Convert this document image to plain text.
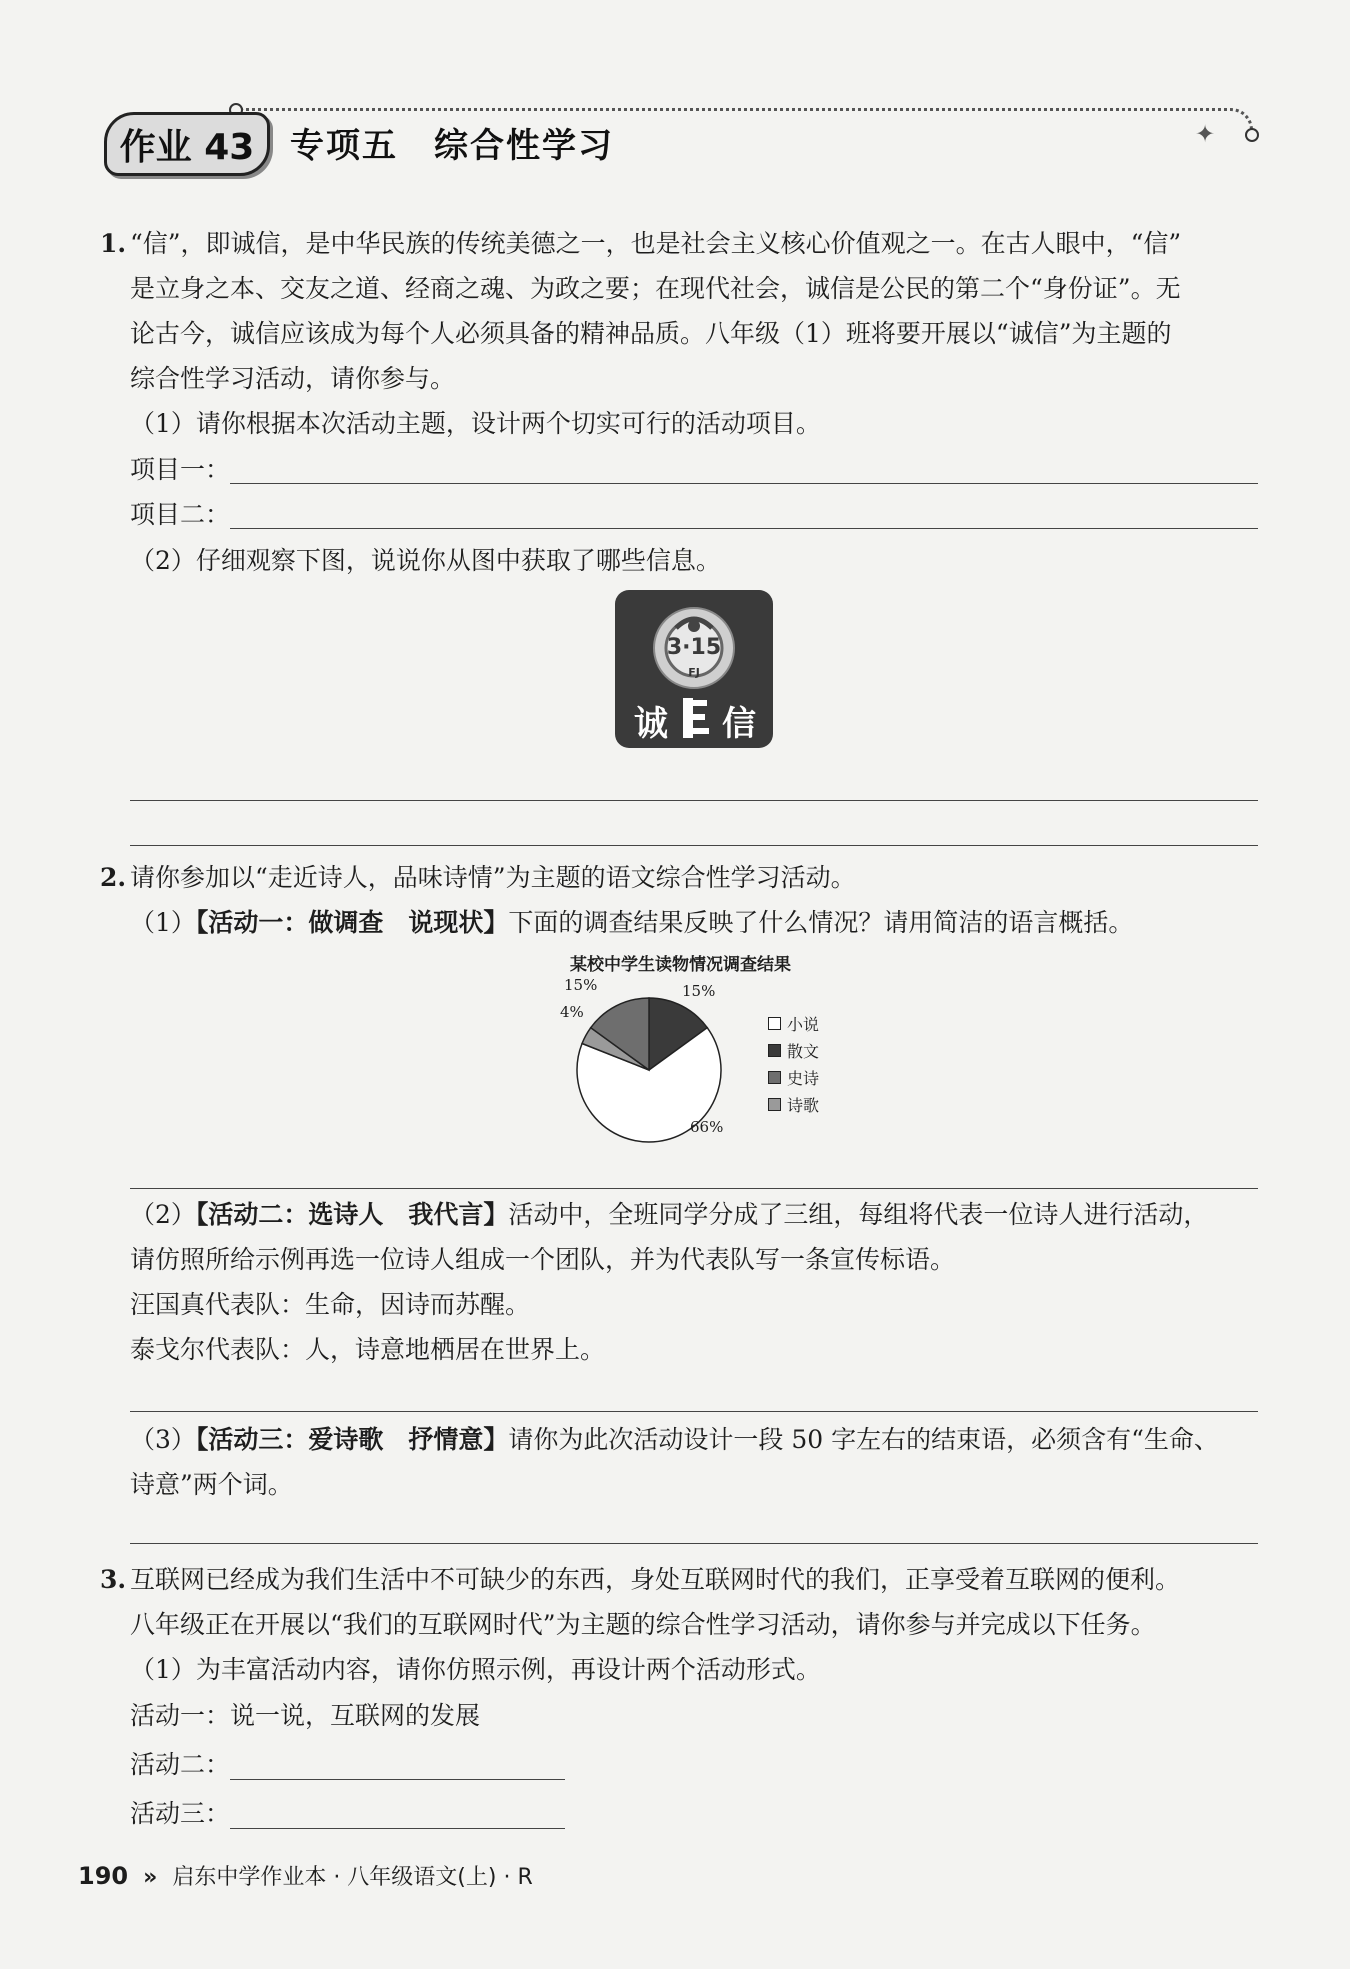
✦
作业 43	专项五　综合性学习
1. “信”，即诚信，是中华民族的传统美德之一，也是社会主义核心价值观之一。在古人眼中，“信”
是立身之本、交友之道、经商之魂、为政之要；在现代社会，诚信是公民的第二个“身份证”。无
论古今，诚信应该成为每个人必须具备的精神品质。八年级（1）班将要开展以“诚信”为主题的
综合性学习活动，请你参与。
（1）请你根据本次活动主题，设计两个切实可行的活动项目。
项目一：
项目二：
（2）仔细观察下图，说说你从图中获取了哪些信息。
3·15
FJ
诚 信
2. 请你参加以“走近诗人，品味诗情”为主题的语文综合性学习活动。
（1）【活动一：做调查　说现状】下面的调查结果反映了什么情况？请用简洁的语言概括。
某校中学生读物情况调查结果
15%	15%
4%
66%
小说
散文
史诗
诗歌
（2）【活动二：选诗人　我代言】活动中，全班同学分成了三组，每组将代表一位诗人进行活动，
请仿照所给示例再选一位诗人组成一个团队，并为代表队写一条宣传标语。
汪国真代表队：生命，因诗而苏醒。
泰戈尔代表队：人，诗意地栖居在世界上。
（3）【活动三：爱诗歌　抒情意】请你为此次活动设计一段 50 字左右的结束语，必须含有“生命、
诗意”两个词。
3. 互联网已经成为我们生活中不可缺少的东西，身处互联网时代的我们，正享受着互联网的便利。
八年级正在开展以“我们的互联网时代”为主题的综合性学习活动，请你参与并完成以下任务。
（1）为丰富活动内容，请你仿照示例，再设计两个活动形式。
活动一：说一说，互联网的发展
活动二：
活动三：
190 » 启东中学作业本 · 八年级语文(上) · R
